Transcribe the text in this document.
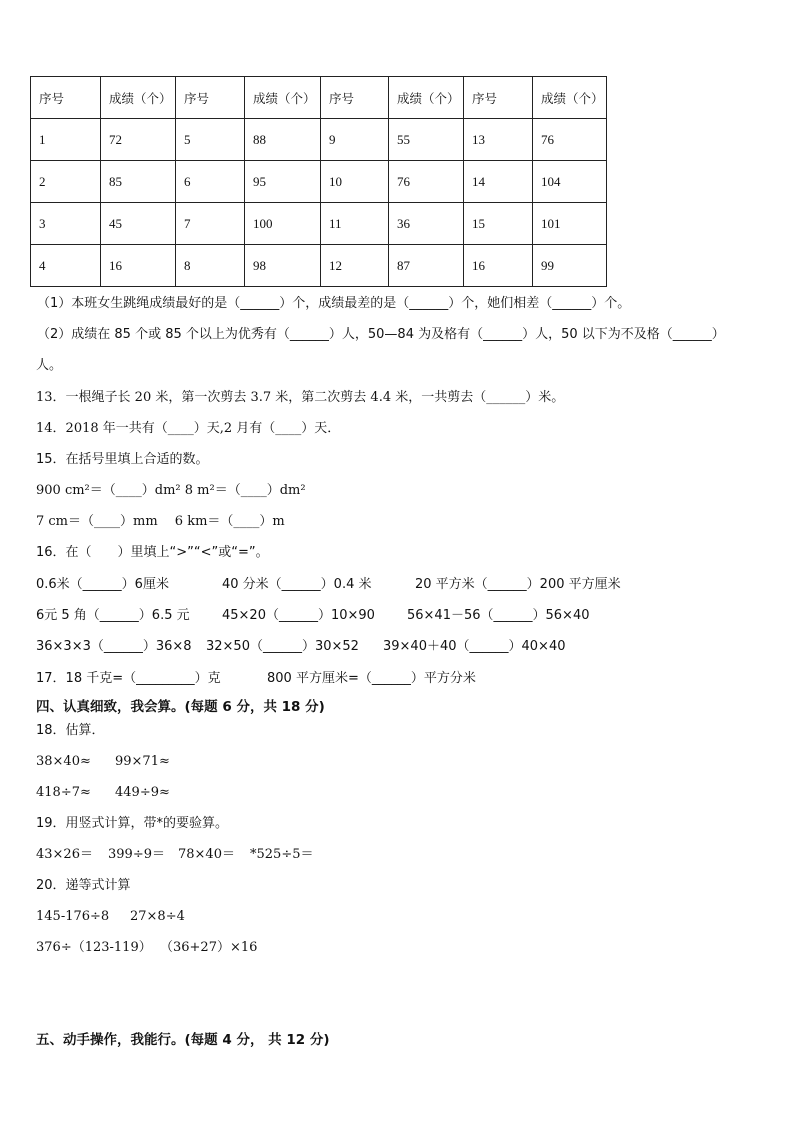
序号	成绩（个）	序号	成绩（个）	序号	成绩（个）	序号	成绩（个）
1	72	5	88	9	55	13	76
2	85	6	95	10	76	14	104
3	45	7	100	11	36	15	101
4	16	8	98	12	87	16	99
（1）本班女生跳绳成绩最好的是（______）个，成绩最差的是（______）个，她们相差（______）个。
（2）成绩在 85 个或 85 个以上为优秀有（______）人，50—84 为及格有（______）人，50 以下为不及格（______）
人。
13．一根绳子长 20 米，第一次剪去 3.7 米，第二次剪去 4.4 米，一共剪去（______）米。
14．2018 年一共有（____）天,2 月有（____）天．
15．在括号里填上合适的数。
900 cm²＝（____）dm² 8 m²＝（____）dm²
7 cm＝（____）mm　 6 km＝（____）m
16．在（　　）里填上“>”“<”或“=”。
0.6米（______）6厘米	40 分米（______）0.4 米	20 平方米（______）200 平方厘米
6元 5 角（______）6.5 元 45×20（______）10×90 56×41－56（______）56×40
36×3×3（______）36×8 32×50（______）30×52 39×40＋40（______）40×40
17．18 千克=（_________）克	800 平方厘米=（______）平方分米
四、认真细致，我会算。(每题 6 分，共 18 分)
18．估算．
38×40≈ 99×71≈
418÷7≈ 449÷9≈
19．用竖式计算，带*的要验算。
43×26＝ 399÷9＝ 78×40＝ *525÷5＝
20．递等式计算
145-176÷8 27×8÷4
376÷（123-119） （36+27）×16
五、动手操作，我能行。(每题 4 分， 共 12 分)
